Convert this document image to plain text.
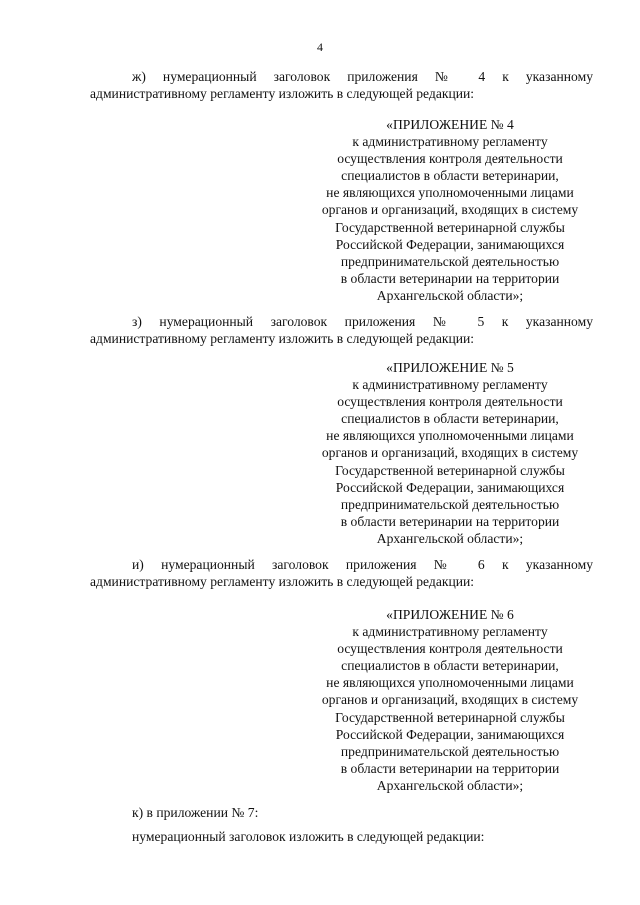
4
ж) нумерационный заголовок приложения № 4 к указанному
административному регламенту изложить в следующей редакции:
«ПРИЛОЖЕНИЕ № 4
к административному регламенту
осуществления контроля деятельности
специалистов в области ветеринарии,
не являющихся уполномоченными лицами
органов и организаций, входящих в систему
Государственной ветеринарной службы
Российской Федерации, занимающихся
предпринимательской деятельностью
в области ветеринарии на территории
Архангельской области»;
з) нумерационный заголовок приложения № 5 к указанному
административному регламенту изложить в следующей редакции:
«ПРИЛОЖЕНИЕ № 5
к административному регламенту
осуществления контроля деятельности
специалистов в области ветеринарии,
не являющихся уполномоченными лицами
органов и организаций, входящих в систему
Государственной ветеринарной службы
Российской Федерации, занимающихся
предпринимательской деятельностью
в области ветеринарии на территории
Архангельской области»;
и) нумерационный заголовок приложения № 6 к указанному
административному регламенту изложить в следующей редакции:
«ПРИЛОЖЕНИЕ № 6
к административному регламенту
осуществления контроля деятельности
специалистов в области ветеринарии,
не являющихся уполномоченными лицами
органов и организаций, входящих в систему
Государственной ветеринарной службы
Российской Федерации, занимающихся
предпринимательской деятельностью
в области ветеринарии на территории
Архангельской области»;
к) в приложении № 7:
нумерационный заголовок изложить в следующей редакции:
